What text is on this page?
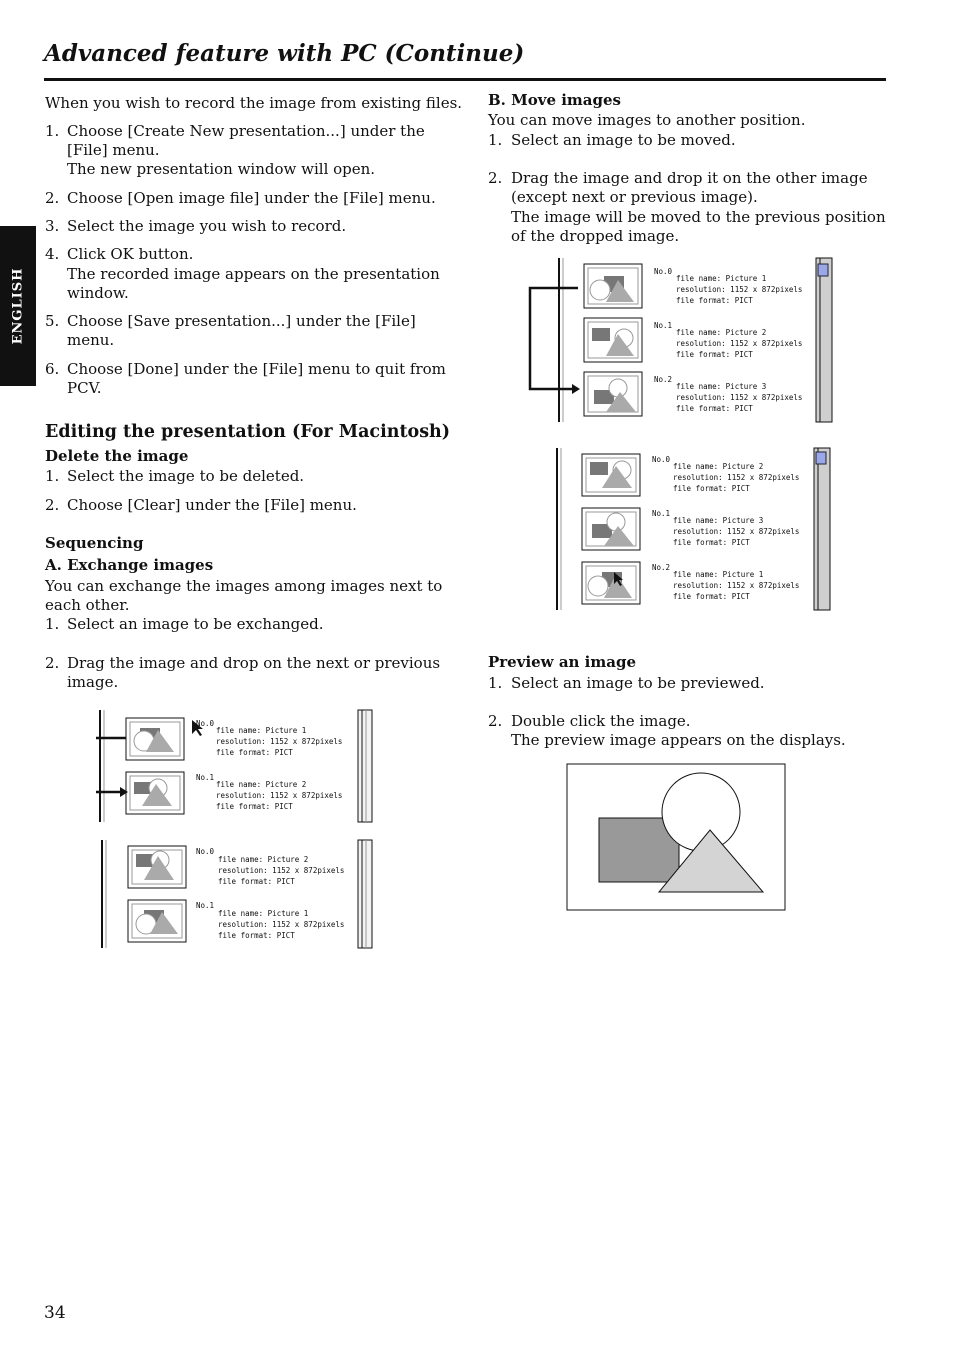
Advanced feature with PC (Continue)
ENGLISH
When you wish to record the image from existing files.
1. Choose [Create New presentation...] under the
[File] menu.
The new presentation window will open.
2. Choose [Open image file] under the [File] menu.
3. Select the image you wish to record.
4. Click OK button.
The recorded image appears on the presentation
window.
5. Choose [Save presentation...] under the [File]
menu.
6. Choose [Done] under the [File] menu to quit from
PCV.
Editing the presentation (For Macintosh)
Delete the image
1. Select the image to be deleted.
2. Choose [Clear] under the [File] menu.
Sequencing
A. Exchange images
You can exchange the images among images next to
each other.
1. Select an image to be exchanged.
2. Drag the image and drop on the next or previous
image.
No.0
file name: Picture 1
resolution: 1152 x 872pixels
file format: PICT
No.1
file name: Picture 2
resolution: 1152 x 872pixels
file format: PICT
No.0
file name: Picture 2
resolution: 1152 x 872pixels
file format: PICT
No.1
file name: Picture 1
resolution: 1152 x 872pixels
file format: PICT
B. Move images
You can move images to another position.
1. Select an image to be moved.
2. Drag the image and drop it on the other image
(except next or previous image).
The image will be moved to the previous position
of the dropped image.
No.0
file name: Picture 1
resolution: 1152 x 872pixels
file format: PICT
No.1
file name: Picture 2
resolution: 1152 x 872pixels
file format: PICT
No.2
file name: Picture 3
resolution: 1152 x 872pixels
file format: PICT
No.0
file name: Picture 2
resolution: 1152 x 872pixels
file format: PICT
No.1
file name: Picture 3
resolution: 1152 x 872pixels
file format: PICT
No.2
file name: Picture 1
resolution: 1152 x 872pixels
file format: PICT
Preview an image
1. Select an image to be previewed.
2. Double click the image.
The preview image appears on the displays.
34
